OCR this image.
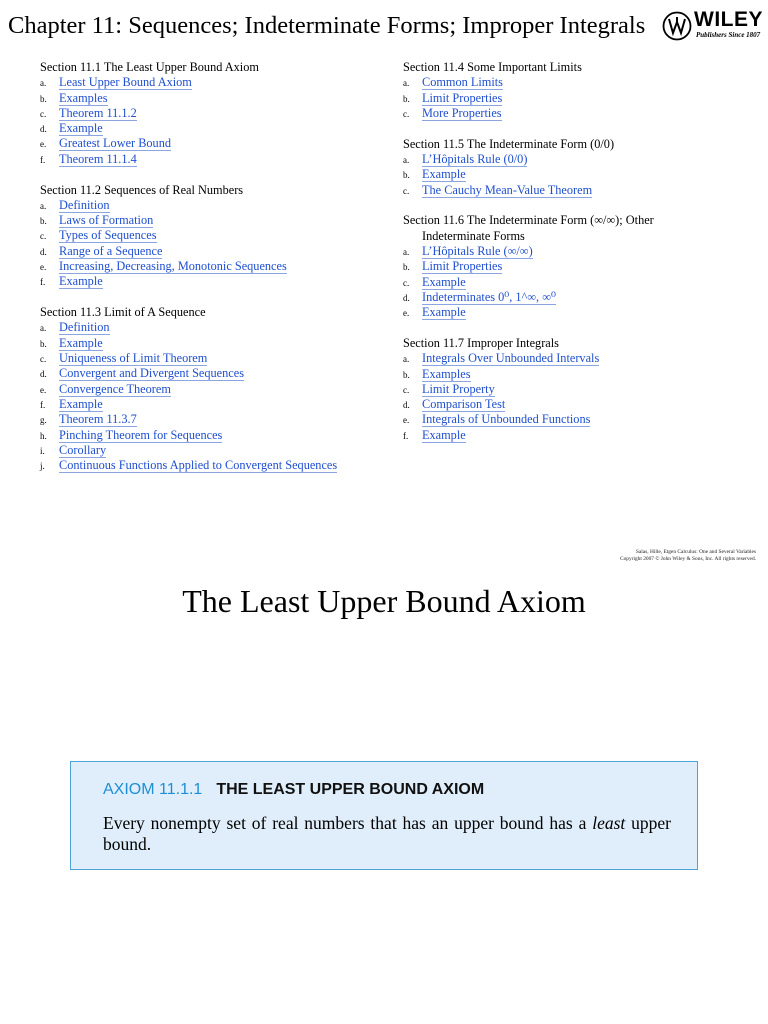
Chapter 11: Sequences; Indeterminate Forms; Improper Integrals WILEY
Publishers Since 1807
Section 11.1 The Least Upper Bound Axiom
a. Least Upper Bound Axiom
b. Examples
c. Theorem 11.1.2
d. Example
e. Greatest Lower Bound
f. Theorem 11.1.4
Section 11.2 Sequences of Real Numbers
a. Definition
b. Laws of Formation
c. Types of Sequences
d. Range of a Sequence
e. Increasing, Decreasing, Monotonic Sequences
f. Example
Section 11.3 Limit of A Sequence
a. Definition
b. Example
c. Uniqueness of Limit Theorem
d. Convergent and Divergent Sequences
e. Convergence Theorem
f. Example
g. Theorem 11.3.7
h. Pinching Theorem for Sequences
i. Corollary
j. Continuous Functions Applied to Convergent Sequences
Section 11.4 Some Important Limits
a. Common Limits
b. Limit Properties
c. More Properties
Section 11.5 The Indeterminate Form (0/0)
a. L’Hôpitals Rule (0/0)
b. Example
c. The Cauchy Mean-Value Theorem
Section 11.6 The Indeterminate Form (∞/∞); Other
Indeterminate Forms
a. L’Hôpitals Rule (∞/∞)
b. Limit Properties
c. Example
d. Indeterminates 0⁰, 1^∞, ∞⁰
e. Example
Section 11.7 Improper Integrals
a. Integrals Over Unbounded Intervals
b. Examples
c. Limit Property
d. Comparison Test
e. Integrals of Unbounded Functions
f. Example
Salas, Hille, Etgen Calculus: One and Several Variables
Copyright 2007 © John Wiley & Sons, Inc. All rights reserved.
The Least Upper Bound Axiom
AXIOM 11.1.1 THE LEAST UPPER BOUND AXIOM
Every nonempty set of real numbers that has an upper bound has a least upper bound.
